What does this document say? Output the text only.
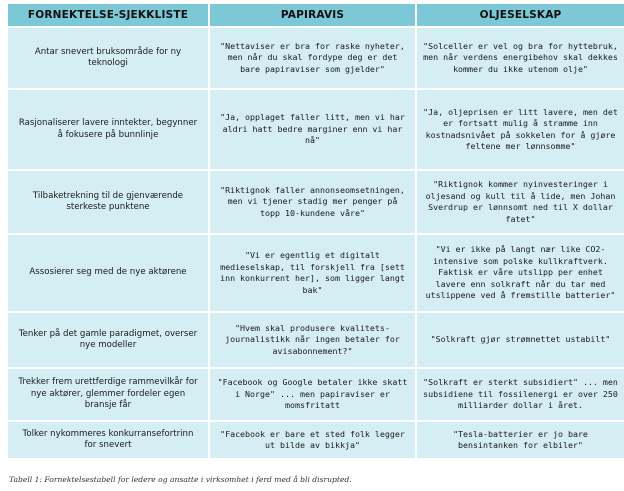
FORNEKTELSE-SJEKKLISTE	PAPIRAVIS	OLJESELSKAP
Antar snevert bruksområde for ny teknologi	"Nettaviser er bra for raske nyheter, men når du skal fordype deg er det bare papiraviser som gjelder"	"Solceller er vel og bra for hyttebruk, men når verdens energibehov skal dekkes kommer du ikke utenom olje"
Rasjonaliserer lavere inntekter, begynner å fokusere på bunnlinje	"Ja, opplaget faller litt, men vi har aldri hatt bedre marginer enn vi har nå"	"Ja, oljeprisen er litt lavere, men det er fortsatt mulig å stramme inn kostnadsnivået på sokkelen for å gjøre feltene mer lønnsomme"
Tilbaketrekning til de gjenværende sterkeste punktene	"Riktignok faller annonseomsetningen, men vi tjener stadig mer penger på topp 10-kundene våre"	"Riktignok kommer nyinvesteringer i oljesand og kull til å lide, men Johan Sverdrup er lønnsomt ned til X dollar fatet"
Assosierer seg med de nye aktørene	"Vi er egentlig et digitalt medieselskap, til forskjell fra [sett inn konkurrent her], som ligger langt bak"	"Vi er ikke på langt nær like CO2-intensive som polske kullkraftverk. Faktisk er våre utslipp per enhet lavere enn solkraft når du tar med utslippene ved å fremstille batterier"
Tenker på det gamle paradigmet, overser nye modeller	"Hvem skal produsere kvalitets-journalistikk når ingen betaler for avisabonnement?"	"Solkraft gjør strømnettet ustabilt"
Trekker frem urettferdige rammevilkår for nye aktører, glemmer fordeler egen bransje får	"Facebook og Google betaler ikke skatt i Norge" ... men papiraviser er momsfritatt	"Solkraft er sterkt subsidiert" ... men subsidiene til fossilenergi er over 250 milliarder dollar i året.
Tolker nykommeres konkurransefortrinn for snevert	"Facebook er bare et sted folk legger ut bilde av bikkja"	"Tesla-batterier er jo bare bensintanken for elbiler"
Tabell 1: Fornektelsestabell for ledere og ansatte i virksomhet i ferd med å bli disrupted.
